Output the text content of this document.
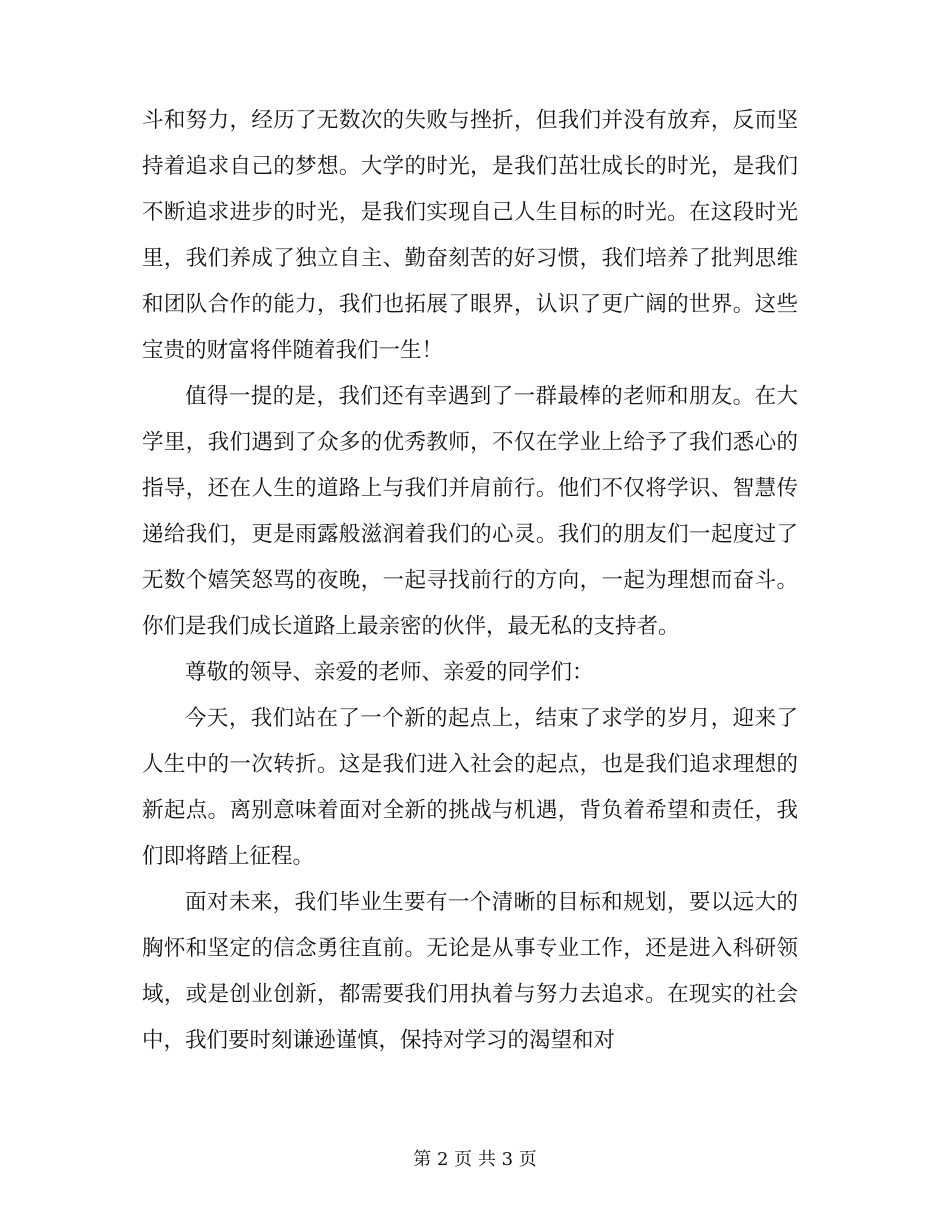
斗和努力，经历了无数次的失败与挫折，但我们并没有放弃，反而坚持着追求自己的梦想。大学的时光，是我们茁壮成长的时光，是我们不断追求进步的时光，是我们实现自己人生目标的时光。在这段时光里，我们养成了独立自主、勤奋刻苦的好习惯，我们培养了批判思维和团队合作的能力，我们也拓展了眼界，认识了更广阔的世界。这些宝贵的财富将伴随着我们一生！

值得一提的是，我们还有幸遇到了一群最棒的老师和朋友。在大学里，我们遇到了众多的优秀教师，不仅在学业上给予了我们悉心的指导，还在人生的道路上与我们并肩前行。他们不仅将学识、智慧传递给我们，更是雨露般滋润着我们的心灵。我们的朋友们一起度过了无数个嬉笑怒骂的夜晚，一起寻找前行的方向，一起为理想而奋斗。你们是我们成长道路上最亲密的伙伴，最无私的支持者。

尊敬的领导、亲爱的老师、亲爱的同学们：

今天，我们站在了一个新的起点上，结束了求学的岁月，迎来了人生中的一次转折。这是我们进入社会的起点，也是我们追求理想的新起点。离别意味着面对全新的挑战与机遇，背负着希望和责任，我们即将踏上征程。

面对未来，我们毕业生要有一个清晰的目标和规划，要以远大的胸怀和坚定的信念勇往直前。无论是从事专业工作，还是进入科研领域，或是创业创新，都需要我们用执着与努力去追求。在现实的社会中，我们要时刻谦逊谨慎，保持对学习的渴望和对

第 2 页 共 3 页
